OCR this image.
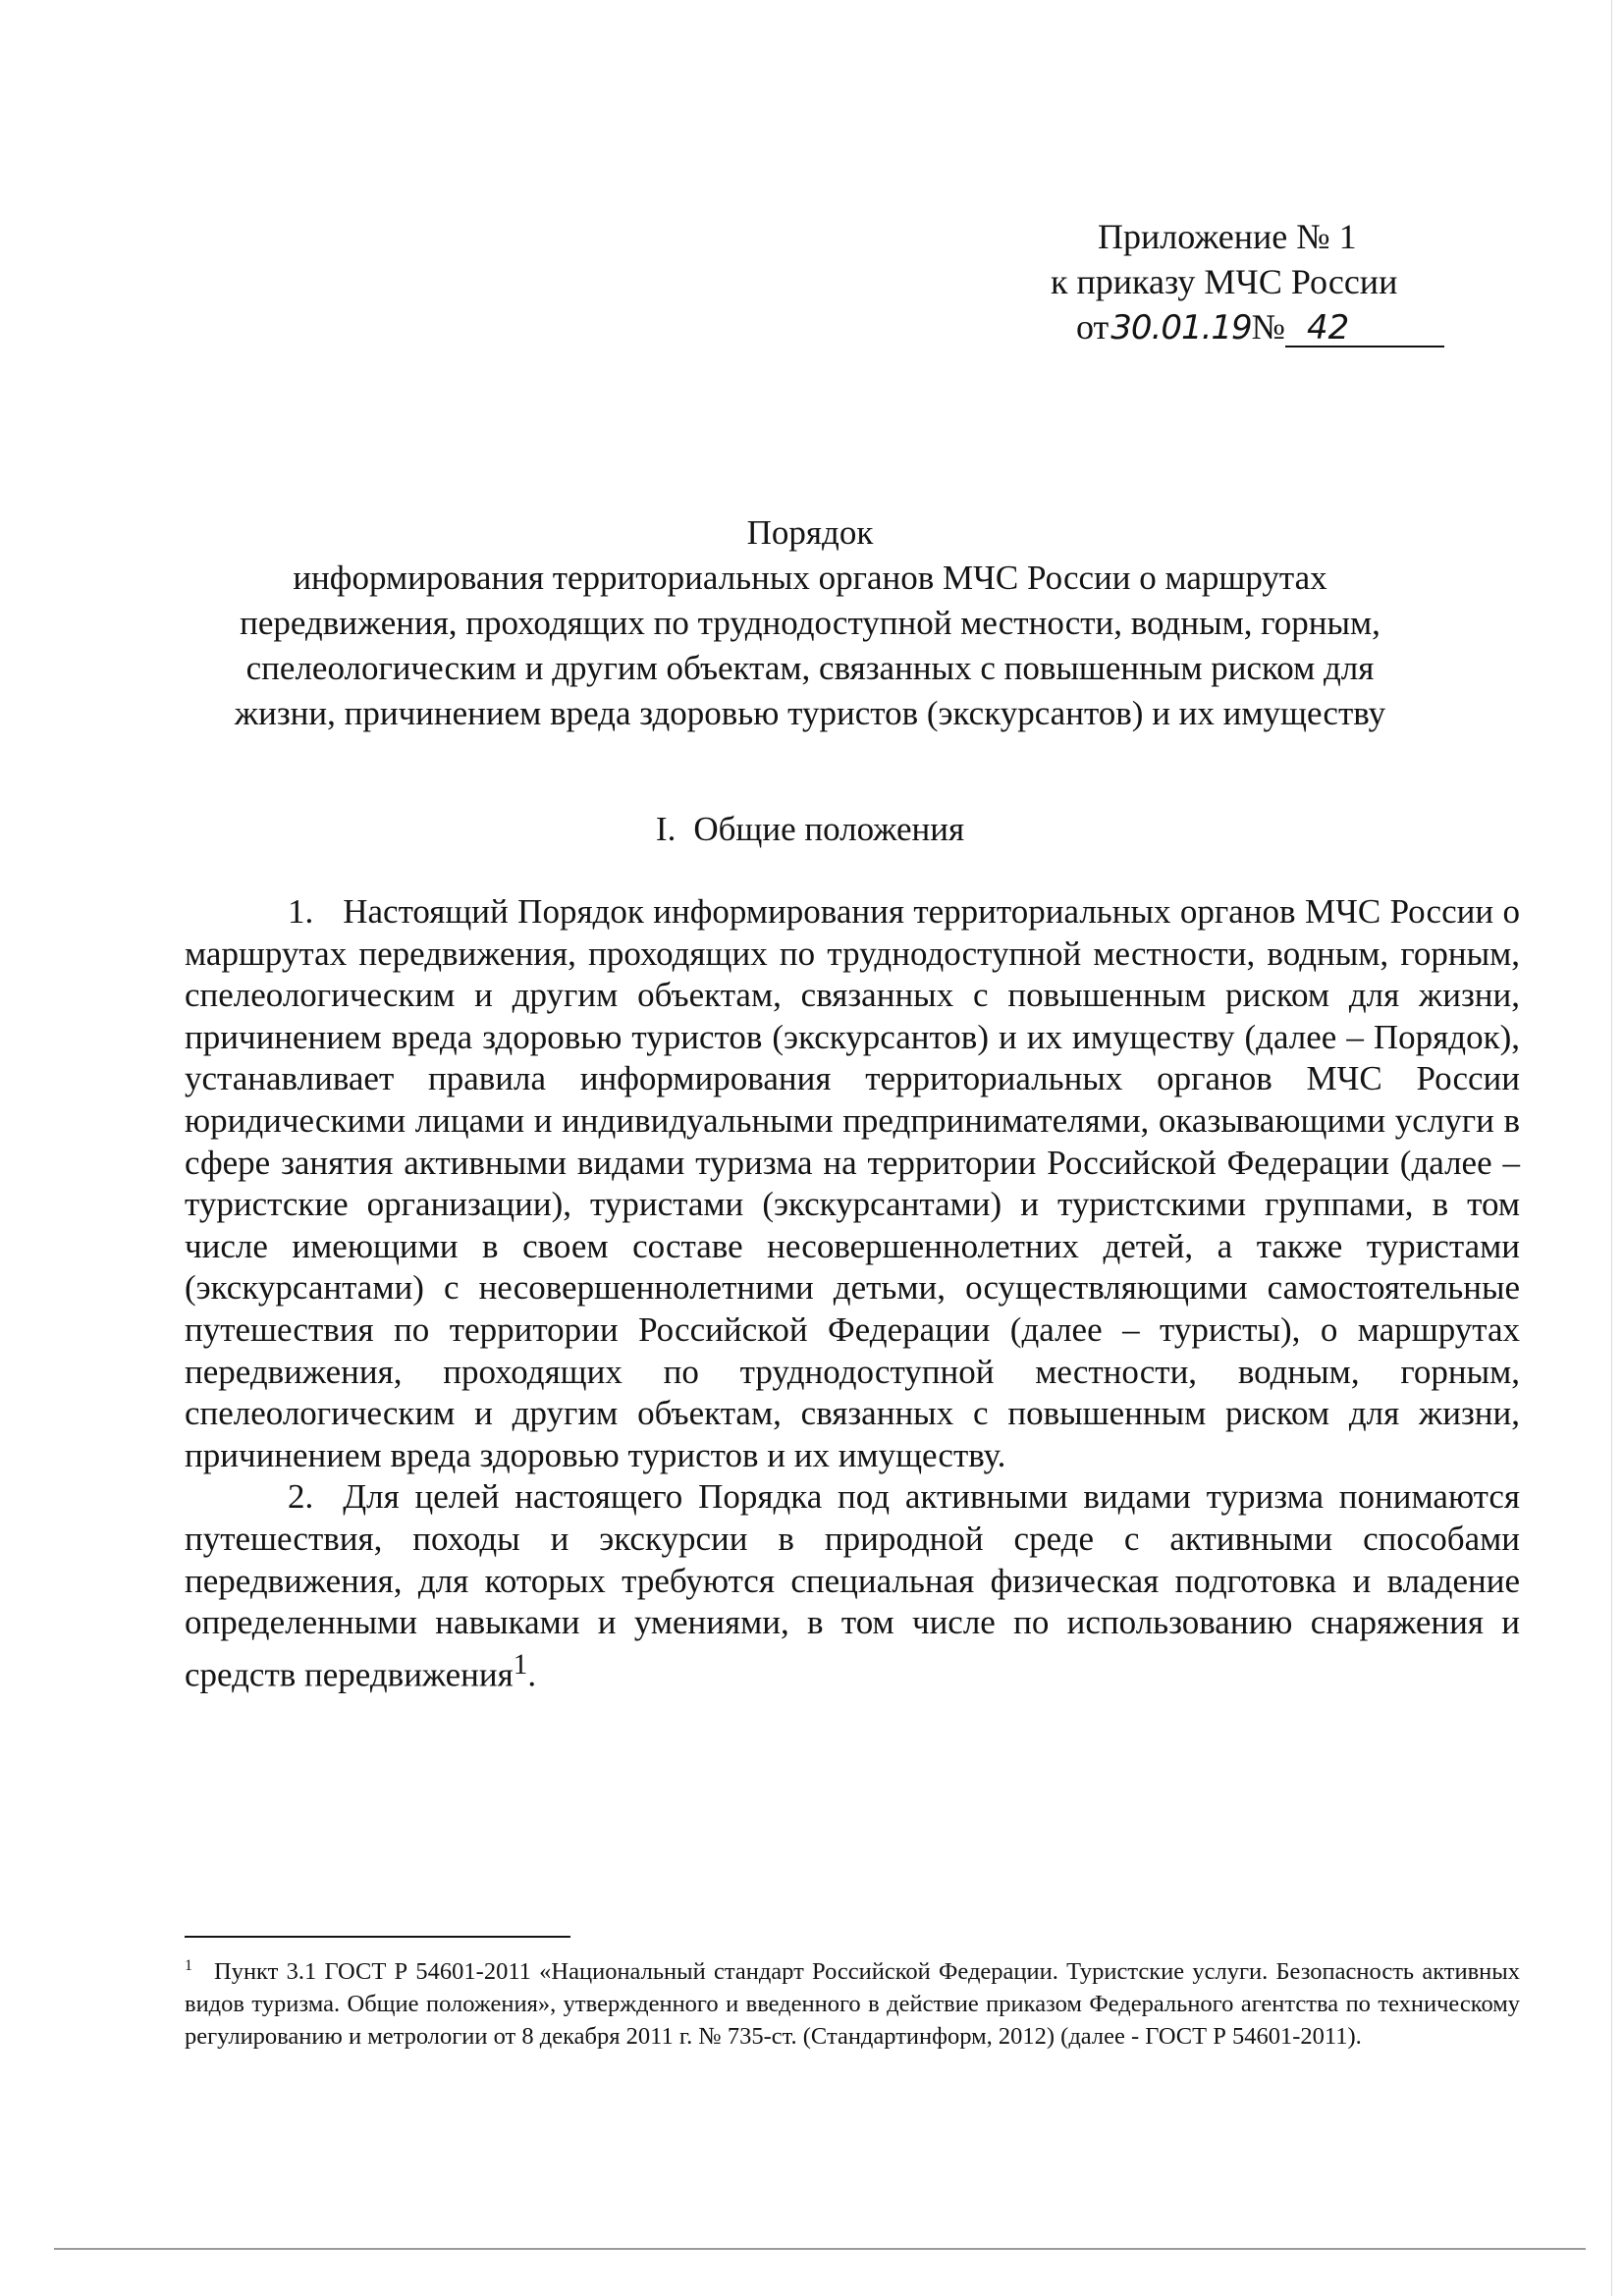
Приложение № 1
к приказу МЧС России
от30.01.19№ 42
Порядок
информирования территориальных органов МЧС России о маршрутах
передвижения, проходящих по труднодоступной местности, водным, горным,
спелеологическим и другим объектам, связанных с повышенным риском для
жизни, причинением вреда здоровью туристов (экскурсантов) и их имуществу
I. Общие положения

1. Настоящий Порядок информирования территориальных органов МЧС России о маршрутах передвижения, проходящих по труднодоступной местности, водным, горным, спелеологическим и другим объектам, связанных с повышенным риском для жизни, причинением вреда здоровью туристов (экскурсантов) и их имуществу (далее – Порядок), устанавливает правила информирования территориальных органов МЧС России юридическими лицами и индивидуальными предпринимателями, оказывающими услуги в сфере занятия активными видами туризма на территории Российской Федерации (далее – туристские организации), туристами (экскурсантами) и туристскими группами, в том числе имеющими в своем составе несовершеннолетних детей, а также туристами (экскурсантами) с несовершеннолетними детьми, осуществляющими самостоятельные путешествия по территории Российской Федерации (далее – туристы), о маршрутах передвижения, проходящих по труднодоступной местности, водным, горным, спелеологическим и другим объектам, связанных с повышенным риском для жизни, причинением вреда здоровью туристов и их имуществу.

2. Для целей настоящего Порядка под активными видами туризма понимаются путешествия, походы и экскурсии в природной среде с активными способами передвижения, для которых требуются специальная физическая подготовка и владение определенными навыками и умениями, в том числе по использованию снаряжения и средств передвижения$^1$.

$^1$ Пункт 3.1 ГОСТ Р 54601-2011 «Национальный стандарт Российской Федерации. Туристские услуги. Безопасность активных видов туризма. Общие положения», утвержденного и введенного в действие приказом Федерального агентства по техническому регулированию и метрологии от 8 декабря 2011 г. № 735-ст. (Стандартинформ, 2012) (далее - ГОСТ Р 54601-2011).
